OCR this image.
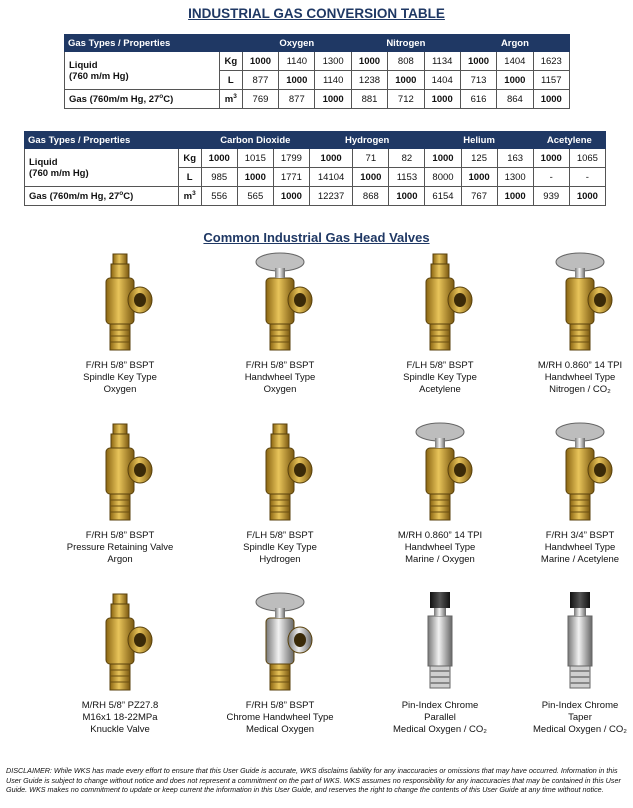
INDUSTRIAL GAS CONVERSION TABLE
Gas Types / Properties		Oxygen			Nitrogen			Argon		
Liquid
(760 m/m Hg)	Kg	1000	1140	1300	1000	808	1134	1000	1404	1623
	L	877	1000	1140	1238	1000	1404	713	1000	1157
Gas (760m/m Hg, 27$^o$C)	$m^3$	769	877	1000	881	712	1000	616	864	1000
Gas Types / Properties		Carbon Dioxide			Hydrogen			Helium			Acetylene	
Liquid
(760 m/m Hg)	Kg	1000	1015	1799	1000	71	82	1000	125	163	1000	1065
	L	985	1000	1771	14104	1000	1153	8000	1000	1300	-	-
Gas (760m/m Hg, 27$^o$C)	$m^3$	556	565	1000	12237	868	1000	6154	767	1000	939	1000
Common Industrial Gas Head Valves
F/RH 5/8” BSPT
Spindle Key Type
Oxygen
F/RH 5/8” BSPT
Handwheel Type
Oxygen
F/LH 5/8” BSPT
Spindle Key Type
Acetylene
M/RH 0.860” 14 TPI
Handwheel Type
Nitrogen / CO₂
F/RH 5/8” BSPT
Pressure Retaining Valve
Argon
F/LH 5/8” BSPT
Spindle Key Type
Hydrogen
M/RH 0.860” 14 TPI
Handwheel Type
Marine / Oxygen
F/RH 3/4” BSPT
Handwheel Type
Marine / Acetylene
M/RH 5/8” PZ27.8
M16x1 18-22MPa
Knuckle Valve
F/RH 5/8” BSPT
Chrome Handwheel Type
Medical Oxygen
Pin-Index Chrome
Parallel
Medical Oxygen / CO₂
Pin-Index Chrome
Taper
Medical Oxygen / CO₂
DISCLAIMER: While WKS has made every effort to ensure that this User Guide is accurate, WKS disclaims liability for any inaccuracies or omissions that may have occurred. Information in this User Guide is subject to change without notice and does not represent a commitment on the part of WKS. WKS assumes no responsibility for any inaccuracies that may be contained in this User Guide. WKS makes no commitment to update or keep current the information in this User Guide, and reserves the right to change the contents of this User Guide at any time without notice.
